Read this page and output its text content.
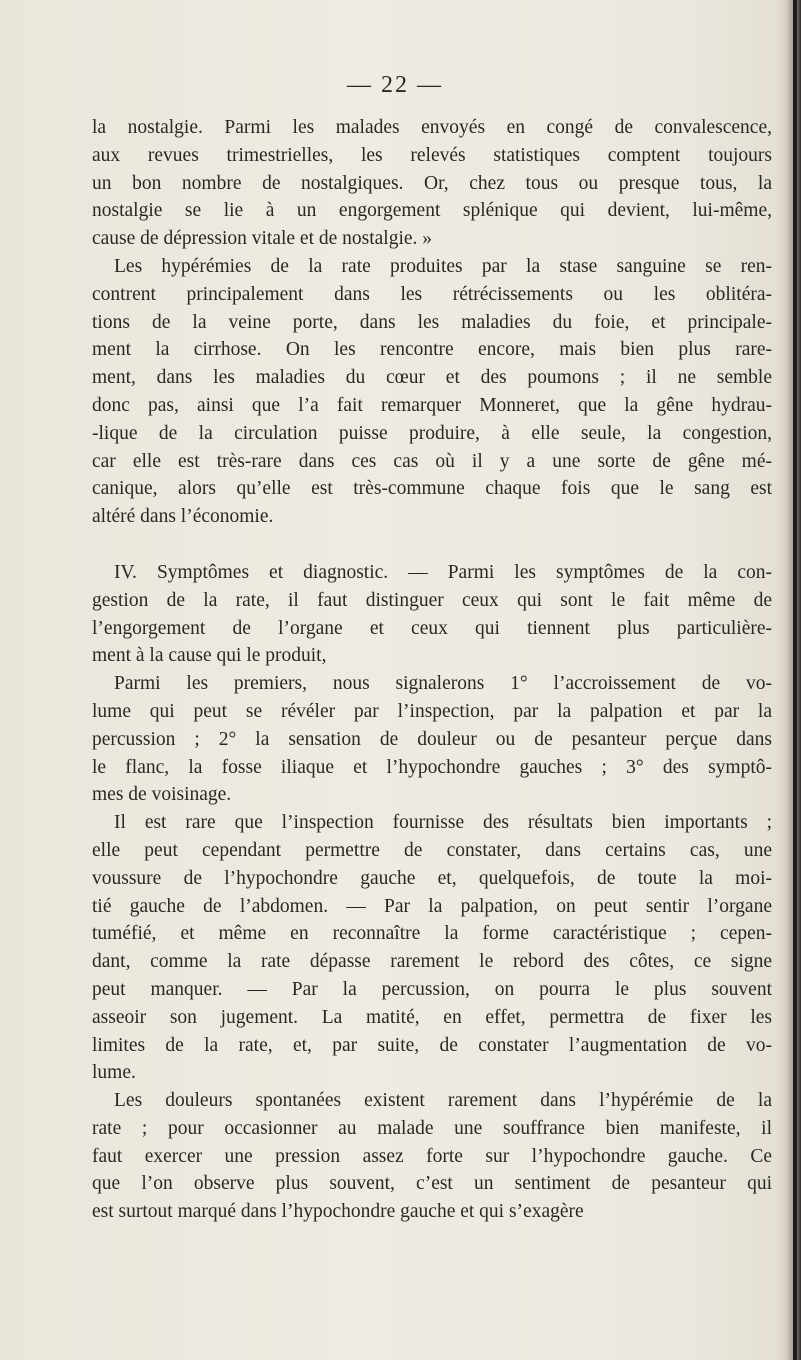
— 22 —
la nostalgie. Parmi les malades envoyés en congé de convalescence,
aux revues trimestrielles, les relevés statistiques comptent toujours
un bon nombre de nostalgiques. Or, chez tous ou presque tous, la
nostalgie se lie à un engorgement splénique qui devient, lui-même,
cause de dépression vitale et de nostalgie. »
Les hypérémies de la rate produites par la stase sanguine se ren-
contrent principalement dans les rétrécissements ou les oblitéra-
tions de la veine porte, dans les maladies du foie, et principale-
ment la cirrhose. On les rencontre encore, mais bien plus rare-
ment, dans les maladies du cœur et des poumons ; il ne semble
donc pas, ainsi que l’a fait remarquer Monneret, que la gêne hydrau-
-lique de la circulation puisse produire, à elle seule, la congestion,
car elle est très-rare dans ces cas où il y a une sorte de gêne mé-
canique, alors qu’elle est très-commune chaque fois que le sang est
altéré dans l’économie.
IV. Symptômes et diagnostic. — Parmi les symptômes de la con-
gestion de la rate, il faut distinguer ceux qui sont le fait même de
l’engorgement de l’organe et ceux qui tiennent plus particulière-
ment à la cause qui le produit,
Parmi les premiers, nous signalerons 1° l’accroissement de vo-
lume qui peut se révéler par l’inspection, par la palpation et par la
percussion ; 2° la sensation de douleur ou de pesanteur perçue dans
le flanc, la fosse iliaque et l’hypochondre gauches ; 3° des symptô-
mes de voisinage.
Il est rare que l’inspection fournisse des résultats bien importants ;
elle peut cependant permettre de constater, dans certains cas, une
voussure de l’hypochondre gauche et, quelquefois, de toute la moi-
tié gauche de l’abdomen. — Par la palpation, on peut sentir l’organe
tuméfié, et même en reconnaître la forme caractéristique ; cepen-
dant, comme la rate dépasse rarement le rebord des côtes, ce signe
peut manquer. — Par la percussion, on pourra le plus souvent
asseoir son jugement. La matité, en effet, permettra de fixer les
limites de la rate, et, par suite, de constater l’augmentation de vo-
lume.
Les douleurs spontanées existent rarement dans l’hypérémie de la
rate ; pour occasionner au malade une souffrance bien manifeste, il
faut exercer une pression assez forte sur l’hypochondre gauche. Ce
que l’on observe plus souvent, c’est un sentiment de pesanteur qui
est surtout marqué dans l’hypochondre gauche et qui s’exagère
